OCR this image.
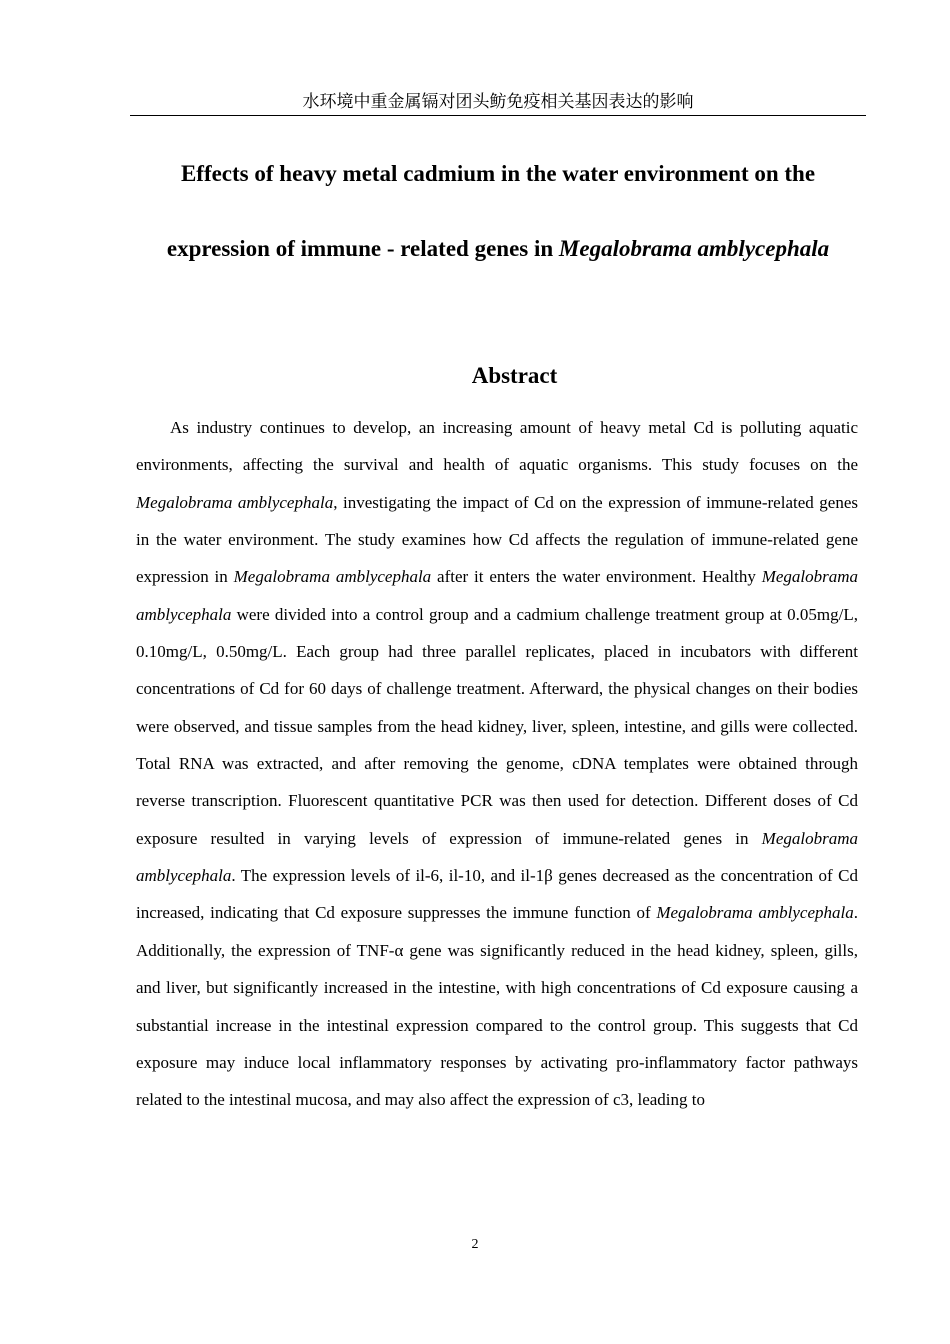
水环境中重金属镉对团头鲂免疫相关基因表达的影响
Effects of heavy metal cadmium in the water environment on the expression of immune - related genes in Megalobrama amblycephala
Abstract

As industry continues to develop, an increasing amount of heavy metal Cd is polluting aquatic environments, affecting the survival and health of aquatic organisms. This study focuses on the Megalobrama amblycephala, investigating the impact of Cd on the expression of immune-related genes in the water environment. The study examines how Cd affects the regulation of immune-related gene expression in Megalobrama amblycephala after it enters the water environment. Healthy Megalobrama amblycephala were divided into a control group and a cadmium challenge treatment group at 0.05mg/L, 0.10mg/L, 0.50mg/L. Each group had three parallel replicates, placed in incubators with different concentrations of Cd for 60 days of challenge treatment. Afterward, the physical changes on their bodies were observed, and tissue samples from the head kidney, liver, spleen, intestine, and gills were collected. Total RNA was extracted, and after removing the genome, cDNA templates were obtained through reverse transcription. Fluorescent quantitative PCR was then used for detection. Different doses of Cd exposure resulted in varying levels of expression of immune-related genes in Megalobrama amblycephala. The expression levels of il-6, il-10, and il-1β genes decreased as the concentration of Cd increased, indicating that Cd exposure suppresses the immune function of Megalobrama amblycephala. Additionally, the expression of TNF-α gene was significantly reduced in the head kidney, spleen, gills, and liver, but significantly increased in the intestine, with high concentrations of Cd exposure causing a substantial increase in the intestinal expression compared to the control group. This suggests that Cd exposure may induce local inflammatory responses by activating pro-inflammatory factor pathways related to the intestinal mucosa, and may also affect the expression of c3, leading to

2
